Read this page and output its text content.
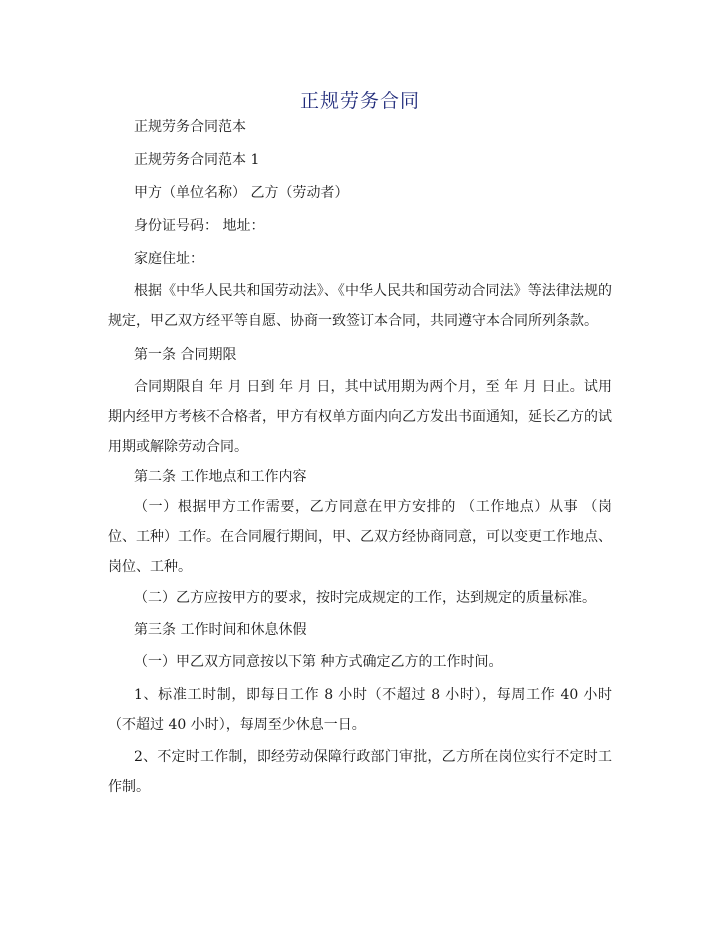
正规劳务合同
正规劳务合同范本
正规劳务合同范本 1
甲方（单位名称） 乙方（劳动者）
身份证号码： 地址：
家庭住址：
根据《中华人民共和国劳动法》、《中华人民共和国劳动合同法》等法律法规的规定，甲乙双方经平等自愿、协商一致签订本合同，共同遵守本合同所列条款。
第一条 合同期限
合同期限自 年 月 日到 年 月 日，其中试用期为两个月，至 年 月 日止。试用期内经甲方考核不合格者，甲方有权单方面内向乙方发出书面通知，延长乙方的试用期或解除劳动合同。
第二条 工作地点和工作内容
（一）根据甲方工作需要，乙方同意在甲方安排的 （工作地点）从事 （岗位、工种）工作。在合同履行期间，甲、乙双方经协商同意，可以变更工作地点、岗位、工种。
（二）乙方应按甲方的要求，按时完成规定的工作，达到规定的质量标准。
第三条 工作时间和休息休假
（一）甲乙双方同意按以下第 种方式确定乙方的工作时间。
1、标准工时制，即每日工作 8 小时（不超过 8 小时），每周工作 40 小时（不超过 40 小时），每周至少休息一日。
2、不定时工作制，即经劳动保障行政部门审批，乙方所在岗位实行不定时工作制。
